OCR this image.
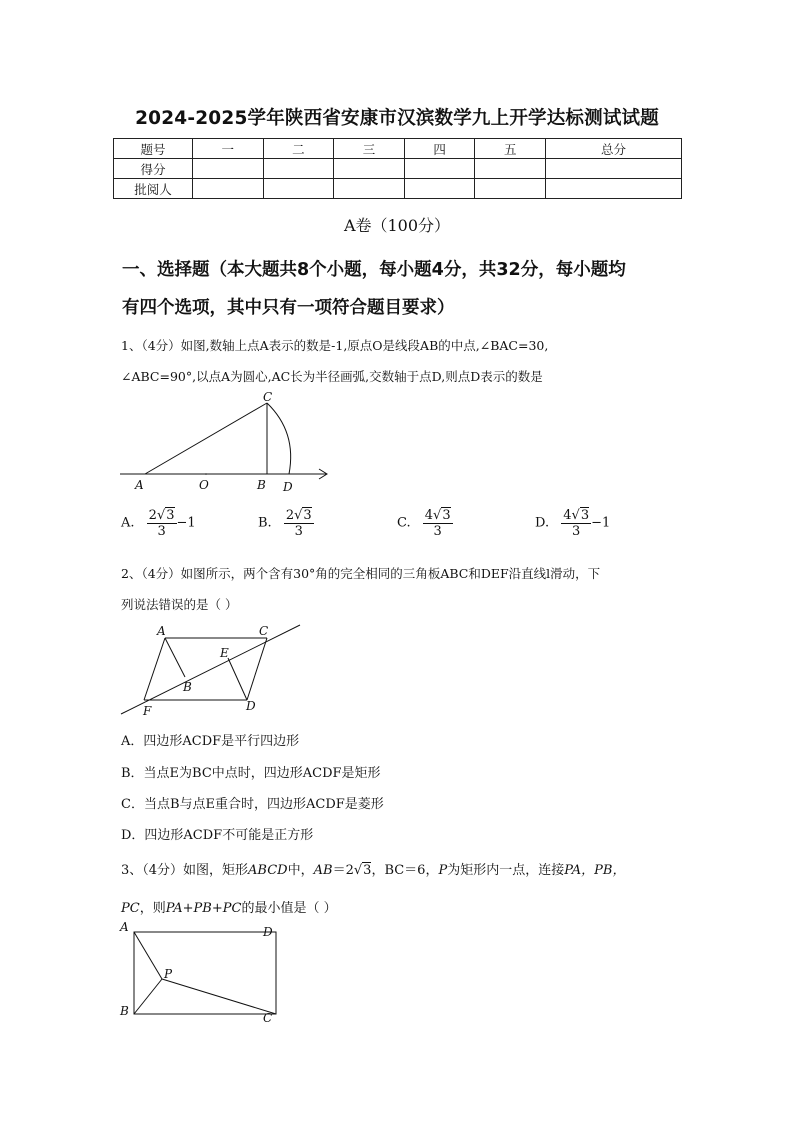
2024-2025学年陕西省安康市汉滨数学九上开学达标测试试题
题号	一	二	三	四	五	总分
得分						
批阅人						
A卷（100分）
一、选择题（本大题共8个小题，每小题4分，共32分，每小题均
有四个选项，其中只有一项符合题目要求）
1、（4分）如图,数轴上点A表示的数是-1,原点O是线段AB的中点,∠BAC=30,
∠ABC=90°,以点A为圆心,AC长为半径画弧,交数轴于点D,则点D表示的数是
A	O	B D
C
A. $\frac{2√3}{3} -1$	B. $\frac{2√3}{3}$	C. $\frac{4√3}{3}$	D. $\frac{4√3}{3} -1$
2、（4分）如图所示，两个含有30°角的完全相同的三角板ABC和DEF沿直线l滑动，下
列说法错误的是（ ）
A	C
E
B
F	D
A．四边形ACDF是平行四边形
B．当点E为BC中点时，四边形ACDF是矩形
C．当点B与点E重合时，四边形ACDF是菱形
D．四边形ACDF不可能是正方形
3、（4分）如图，矩形ABCD中，AB＝2√3，BC＝6，P为矩形内一点，连接PA，PB，
PC，则PA+PB+PC的最小值是（ ）
A	D
P
B	C
